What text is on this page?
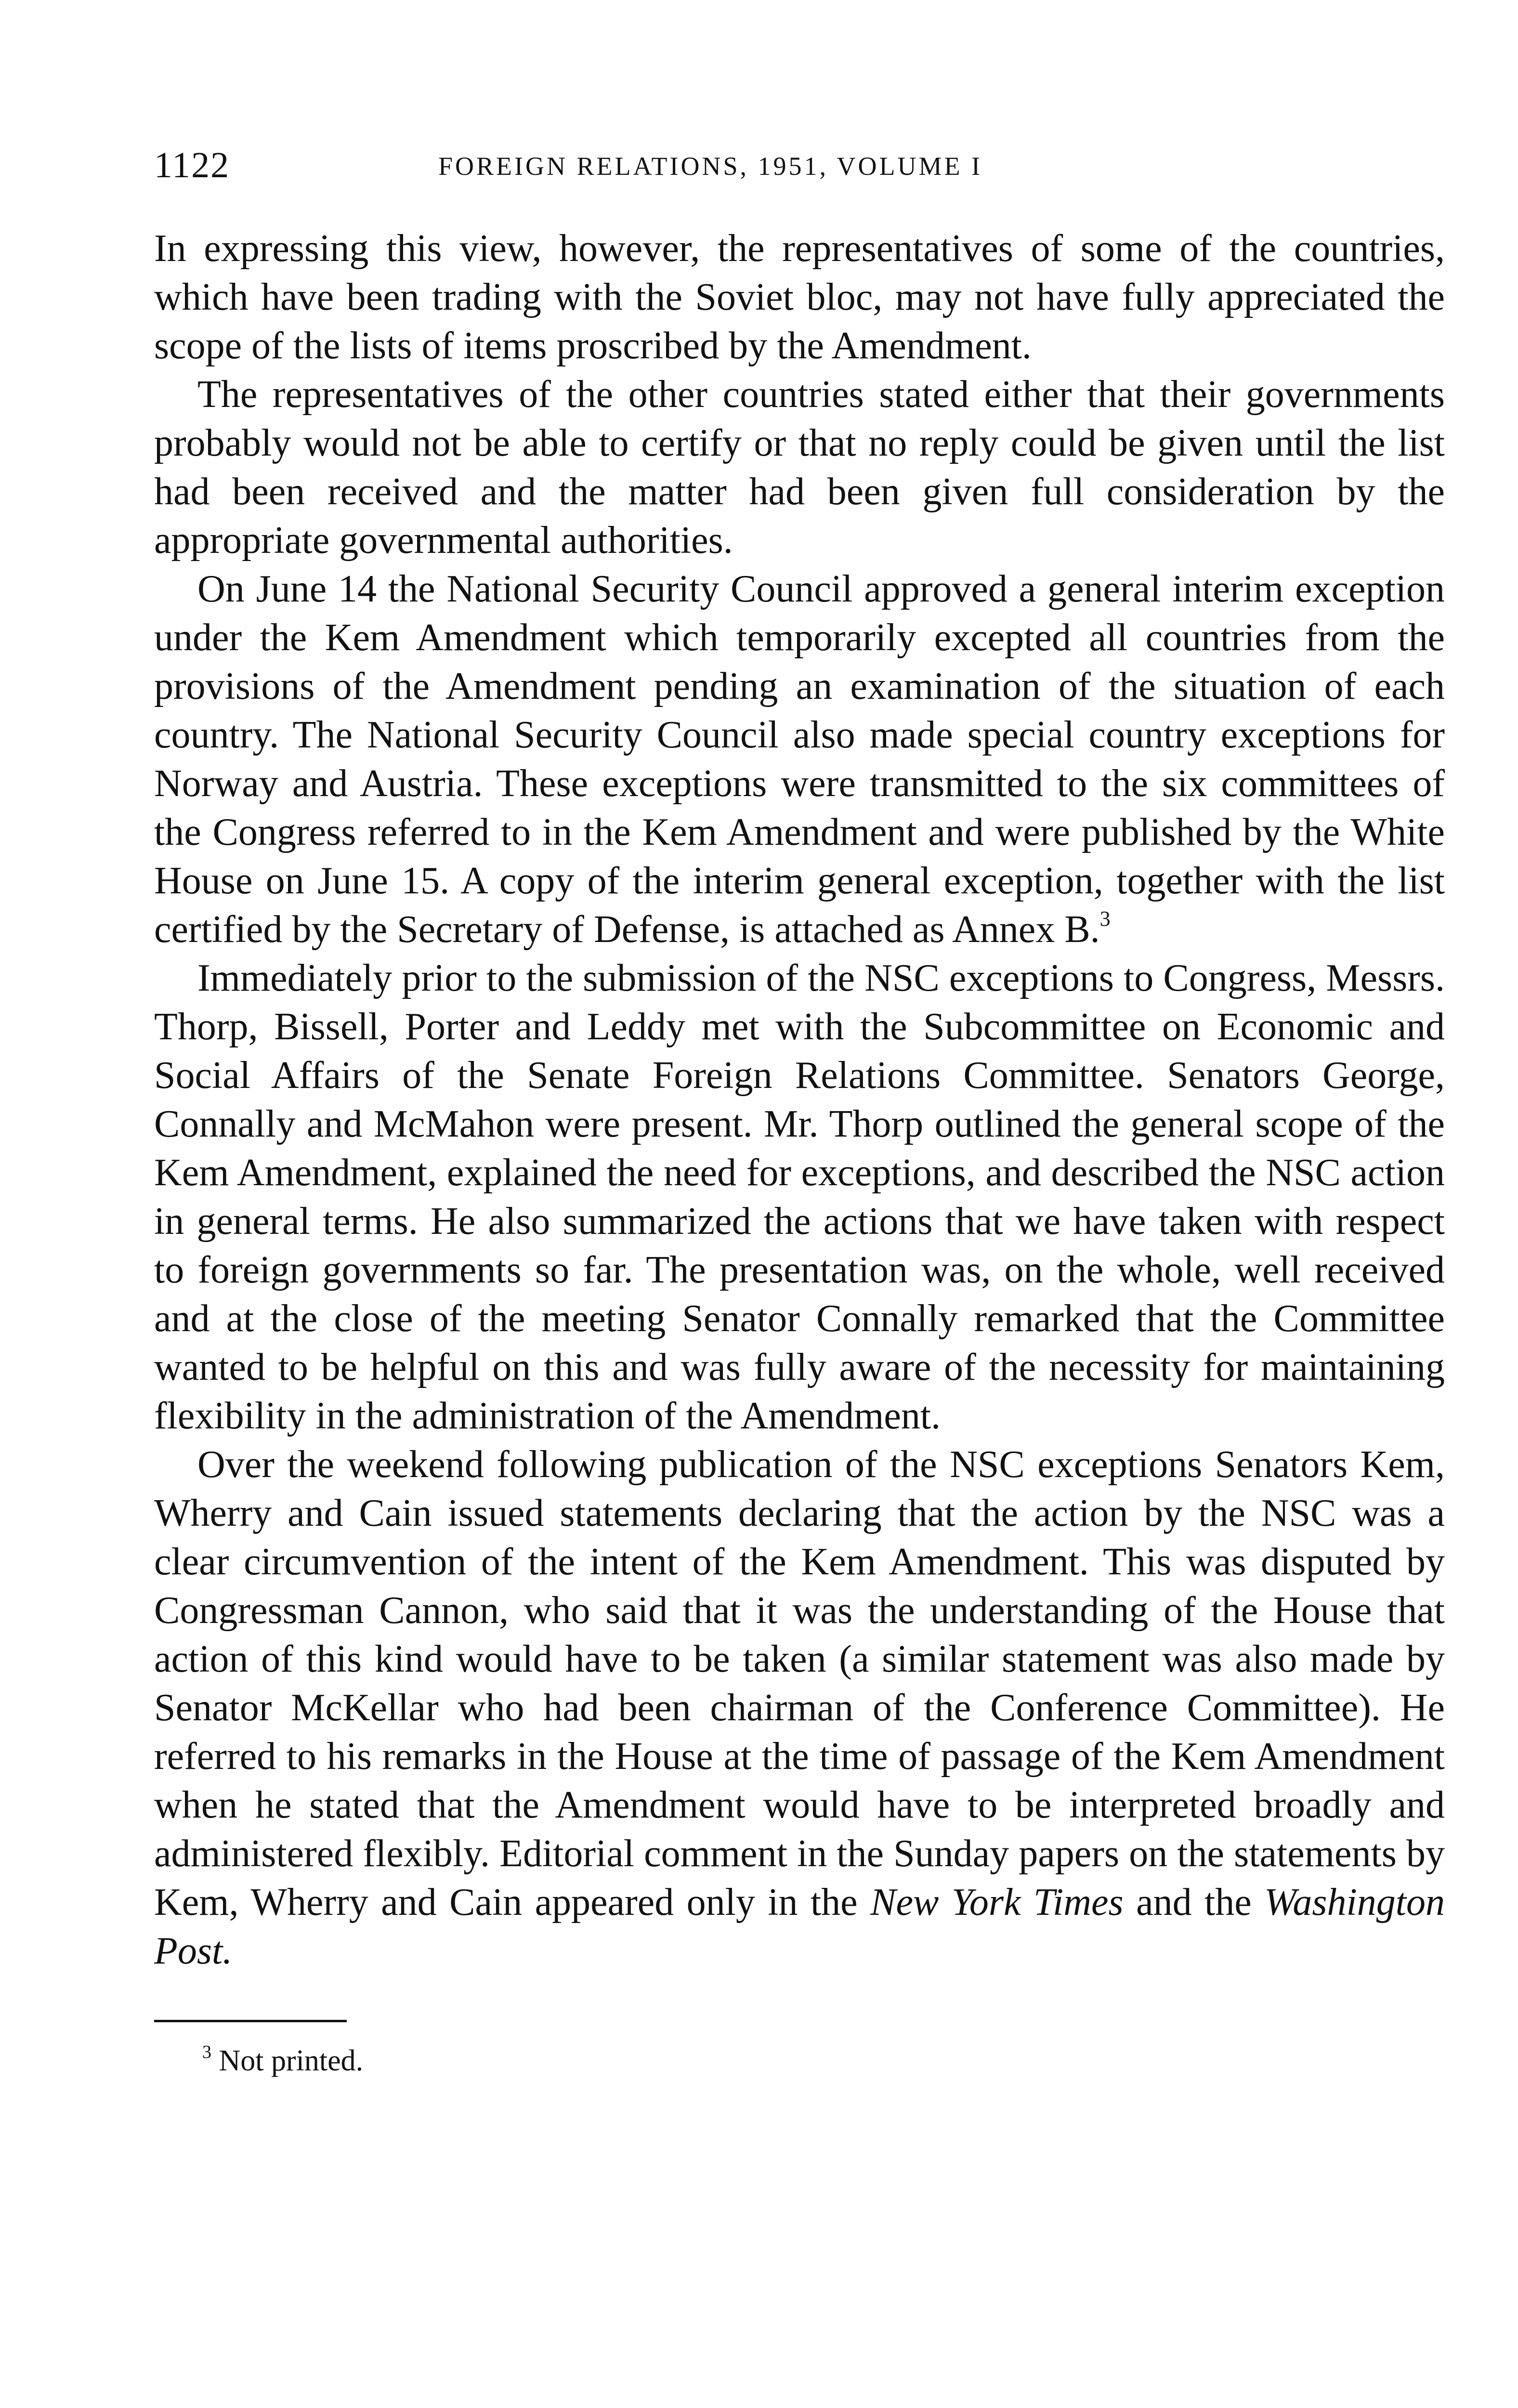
1122	FOREIGN RELATIONS, 1951, VOLUME I

In expressing this view, however, the representatives of some of the countries, which have been trading with the Soviet bloc, may not have fully appreciated the scope of the lists of items proscribed by the Amendment.

The representatives of the other countries stated either that their governments probably would not be able to certify or that no reply could be given until the list had been received and the matter had been given full consideration by the appropriate governmental authorities.

On June 14 the National Security Council approved a general interim exception under the Kem Amendment which temporarily excepted all countries from the provisions of the Amendment pending an examination of the situation of each country. The National Security Council also made special country exceptions for Norway and Austria. These exceptions were transmitted to the six committees of the Congress referred to in the Kem Amendment and were published by the White House on June 15. A copy of the interim general exception, together with the list certified by the Secretary of Defense, is attached as Annex B.$^3$

Immediately prior to the submission of the NSC exceptions to Congress, Messrs. Thorp, Bissell, Porter and Leddy met with the Subcommittee on Economic and Social Affairs of the Senate Foreign Relations Committee. Senators George, Connally and McMahon were present. Mr. Thorp outlined the general scope of the Kem Amendment, explained the need for exceptions, and described the NSC action in general terms. He also summarized the actions that we have taken with respect to foreign governments so far. The presentation was, on the whole, well received and at the close of the meeting Senator Connally remarked that the Committee wanted to be helpful on this and was fully aware of the necessity for maintaining flexibility in the administration of the Amendment.

Over the weekend following publication of the NSC exceptions Senators Kem, Wherry and Cain issued statements declaring that the action by the NSC was a clear circumvention of the intent of the Kem Amendment. This was disputed by Congressman Cannon, who said that it was the understanding of the House that action of this kind would have to be taken (a similar statement was also made by Senator McKellar who had been chairman of the Conference Committee). He referred to his remarks in the House at the time of passage of the Kem Amendment when he stated that the Amendment would have to be interpreted broadly and administered flexibly. Editorial comment in the Sunday papers on the statements by Kem, Wherry and Cain appeared only in the New York Times and the Washington Post.

$^3$ Not printed.
